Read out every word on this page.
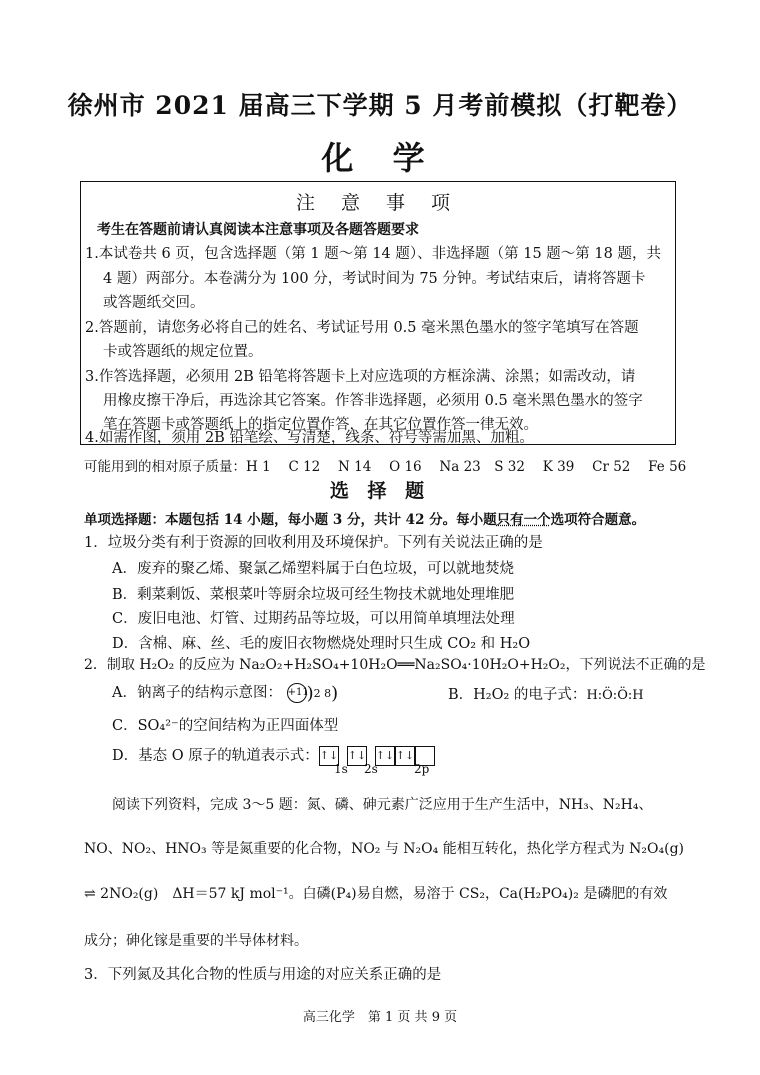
徐州市 2021 届高三下学期 5 月考前模拟（打靶卷）
化 学
注 意 事 项
考生在答题前请认真阅读本注意事项及各题答题要求
1.本试卷共 6 页，包含选择题（第 1 题～第 14 题）、非选择题（第 15 题～第 18 题，共
4 题）两部分。本卷满分为 100 分，考试时间为 75 分钟。考试结束后，请将答题卡
或答题纸交回。
2.答题前，请您务必将自己的姓名、考试证号用 0.5 毫米黑色墨水的签字笔填写在答题
卡或答题纸的规定位置。
3.作答选择题，必须用 2B 铅笔将答题卡上对应选项的方框涂满、涂黑；如需改动，请
用橡皮擦干净后，再选涂其它答案。作答非选择题，必须用 0.5 毫米黑色墨水的签字
笔在答题卡或答题纸上的指定位置作答，在其它位置作答一律无效。
4.如需作图，须用 2B 铅笔绘、写清楚，线条、符号等需加黑、加粗。
可能用到的相对原子质量：H 1　 C 12　 N 14　 O 16　 Na 23　S 32　 K 39　 Cr 52　 Fe 56
选 择 题
单项选择题：本题包括 14 小题，每小题 3 分，共计 42 分。每小题只有一个选项符合题意。
1．垃圾分类有利于资源的回收利用及环境保护。下列有关说法正确的是
A．废弃的聚乙烯、聚氯乙烯塑料属于白色垃圾，可以就地焚烧
B．剩菜剩饭、菜根菜叶等厨余垃圾可经生物技术就地处理堆肥
C．废旧电池、灯管、过期药品等垃圾，可以用简单填埋法处理
D．含棉、麻、丝、毛的废旧衣物燃烧处理时只生成 CO₂ 和 H₂O
2．制取 H₂O₂ 的反应为 Na₂O₂+H₂SO₄+10H₂O══Na₂SO₄·10H₂O+H₂O₂，下列说法不正确的是
A．钠离子的结构示意图： +11)2 8)	B．H₂O₂ 的电子式：H:Ö:Ö:H
C．SO₄²⁻的空间结构为正四面体型
D．基态 O 原子的轨道表示式：↑↓ ↑↓ ↑↓ ↑↓
1s 2s	2p
阅读下列资料，完成 3～5 题：氮、磷、砷元素广泛应用于生产生活中，NH₃、N₂H₄、
NO、NO₂、HNO₃ 等是氮重要的化合物，NO₂ 与 N₂O₄ 能相互转化，热化学方程式为 N₂O₄(g)
⇌ 2NO₂(g)　ΔH＝57 kJ mol⁻¹。白磷(P₄)易自燃，易溶于 CS₂，Ca(H₂PO₄)₂ 是磷肥的有效
成分；砷化镓是重要的半导体材料。
3．下列氮及其化合物的性质与用途的对应关系正确的是
高三化学　第 1 页 共 9 页
